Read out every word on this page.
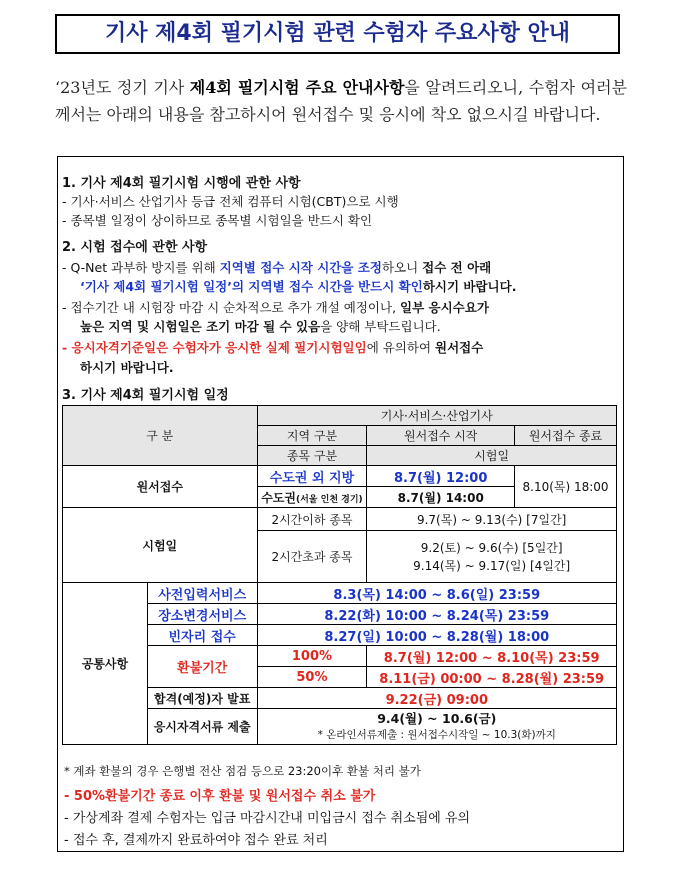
기사 제4회 필기시험 관련 수험자 주요사항 안내
‘23년도 정기 기사 제4회 필기시험 주요 안내사항을 알려드리오니, 수험자 여러분께서는 아래의 내용을 참고하시어 원서접수 및 응시에 착오 없으시길 바랍니다.
1. 기사 제4회 필기시험 시행에 관한 사항
- 기사·서비스 산업기사 등급 전체 컴퓨터 시험(CBT)으로 시행
- 종목별 일정이 상이하므로 종목별 시험일을 반드시 확인
2. 시험 접수에 관한 사항
- Q-Net 과부하 방지를 위해 지역별 접수 시작 시간을 조정하오니 접수 전 아래
‘기사 제4회 필기시험 일정’의 지역별 접수 시간을 반드시 확인하시기 바랍니다.
- 접수기간 내 시험장 마감 시 순차적으로 추가 개설 예정이나, 일부 응시수요가
높은 지역 및 시험일은 조기 마감 될 수 있음을 양해 부탁드립니다.
- 응시자격기준일은 수험자가 응시한 실제 필기시험일임에 유의하여 원서접수
하시기 바랍니다.
3. 기사 제4회 필기시험 일정
구 분		기사·서비스·산업기사		
		지역 구분	원서접수 시작	원서접수 종료
		종목 구분	시험일	
원서접수		수도권 외 지방	8.7(월) 12:00	8.10(목) 18:00
		수도권(서울 인천 경기)	8.7(월) 14:00	
시험일		2시간이하 종목	9.7(목) ~ 9.13(수) [7일간]	
		2시간초과 종목	9.2(토) ~ 9.6(수) [5일간]
9.14(목) ~ 9.17(일) [4일간]	

공통사항	사전입력서비스	8.3(목) 14:00 ~ 8.6(일) 23:59		
	장소변경서비스	8.22(화) 10:00 ~ 8.24(목) 23:59		
	빈자리 접수	8.27(일) 10:00 ~ 8.28(월) 18:00		
	환불기간	100%	8.7(월) 12:00 ~ 8.10(목) 23:59	
		50%	8.11(금) 00:00 ~ 8.28(월) 23:59	
	합격(예정)자 발표	9.22(금) 09:00		
	응시자격서류 제출	9.4(월) ~ 10.6(금)
* 온라인서류제출 : 원서접수시작일 ~ 10.3(화)까지		
* 계좌 환불의 경우 은행별 전산 점검 등으로 23:20이후 환불 처리 불가
- 50%환불기간 종료 이후 환불 및 원서접수 취소 불가
- 가상계좌 결제 수험자는 입금 마감시간내 미입금시 접수 취소됨에 유의
- 접수 후, 결제까지 완료하여야 접수 완료 처리
